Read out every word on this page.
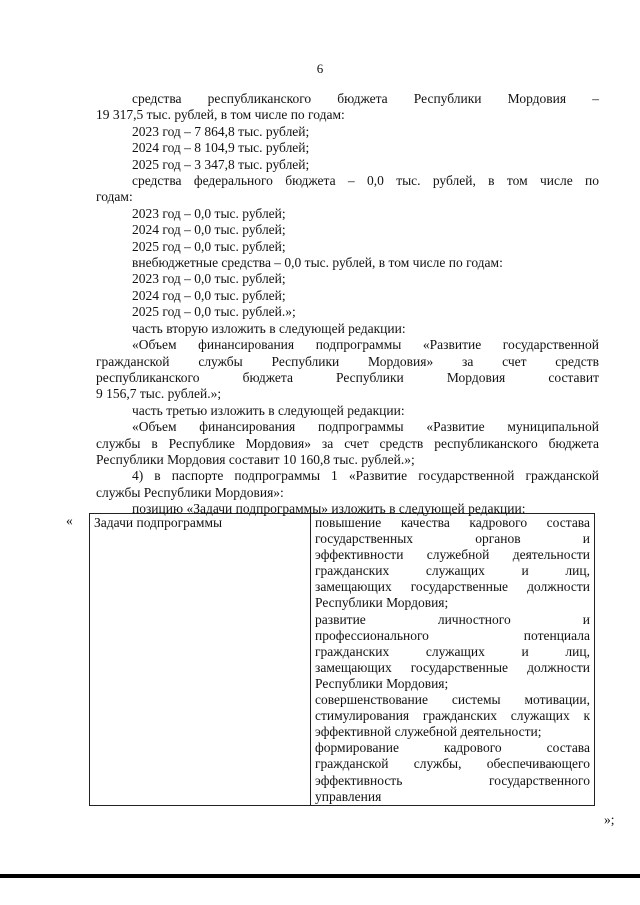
6
средства республиканского бюджета Республики Мордовия –
19 317,5 тыс. рублей, в том числе по годам:
2023 год – 7 864,8 тыс. рублей;
2024 год – 8 104,9 тыс. рублей;
2025 год – 3 347,8 тыс. рублей;
средства федерального бюджета – 0,0 тыс. рублей, в том числе по
годам:
2023 год – 0,0 тыс. рублей;
2024 год – 0,0 тыс. рублей;
2025 год – 0,0 тыс. рублей;
внебюджетные средства – 0,0 тыс. рублей, в том числе по годам:
2023 год – 0,0 тыс. рублей;
2024 год – 0,0 тыс. рублей;
2025 год – 0,0 тыс. рублей.»;
часть вторую изложить в следующей редакции:
«Объем финансирования подпрограммы «Развитие государственной
гражданской службы Республики Мордовия» за счет средств
республиканского бюджета Республики Мордовия составит
9 156,7 тыс. рублей.»;
часть третью изложить в следующей редакции:
«Объем финансирования подпрограммы «Развитие муниципальной
службы в Республике Мордовия» за счет средств республиканского бюджета
Республики Мордовия составит 10 160,8 тыс. рублей.»;
4) в паспорте подпрограммы 1 «Развитие государственной гражданской
службы Республики Мордовия»:
позицию «Задачи подпрограммы» изложить в следующей редакции:
« Задачи подпрограммы	повышение качества кадрового состава
государственных органов и
эффективности служебной деятельности
гражданских служащих и лиц,
замещающих государственные должности
Республики Мордовия;
развитие личностного и
профессионального потенциала
гражданских служащих и лиц,
замещающих государственные должности
Республики Мордовия;
совершенствование системы мотивации,
стимулирования гражданских служащих к
эффективной служебной деятельности;
формирование кадрового состава
гражданской службы, обеспечивающего
эффективность государственного
управления
»;
